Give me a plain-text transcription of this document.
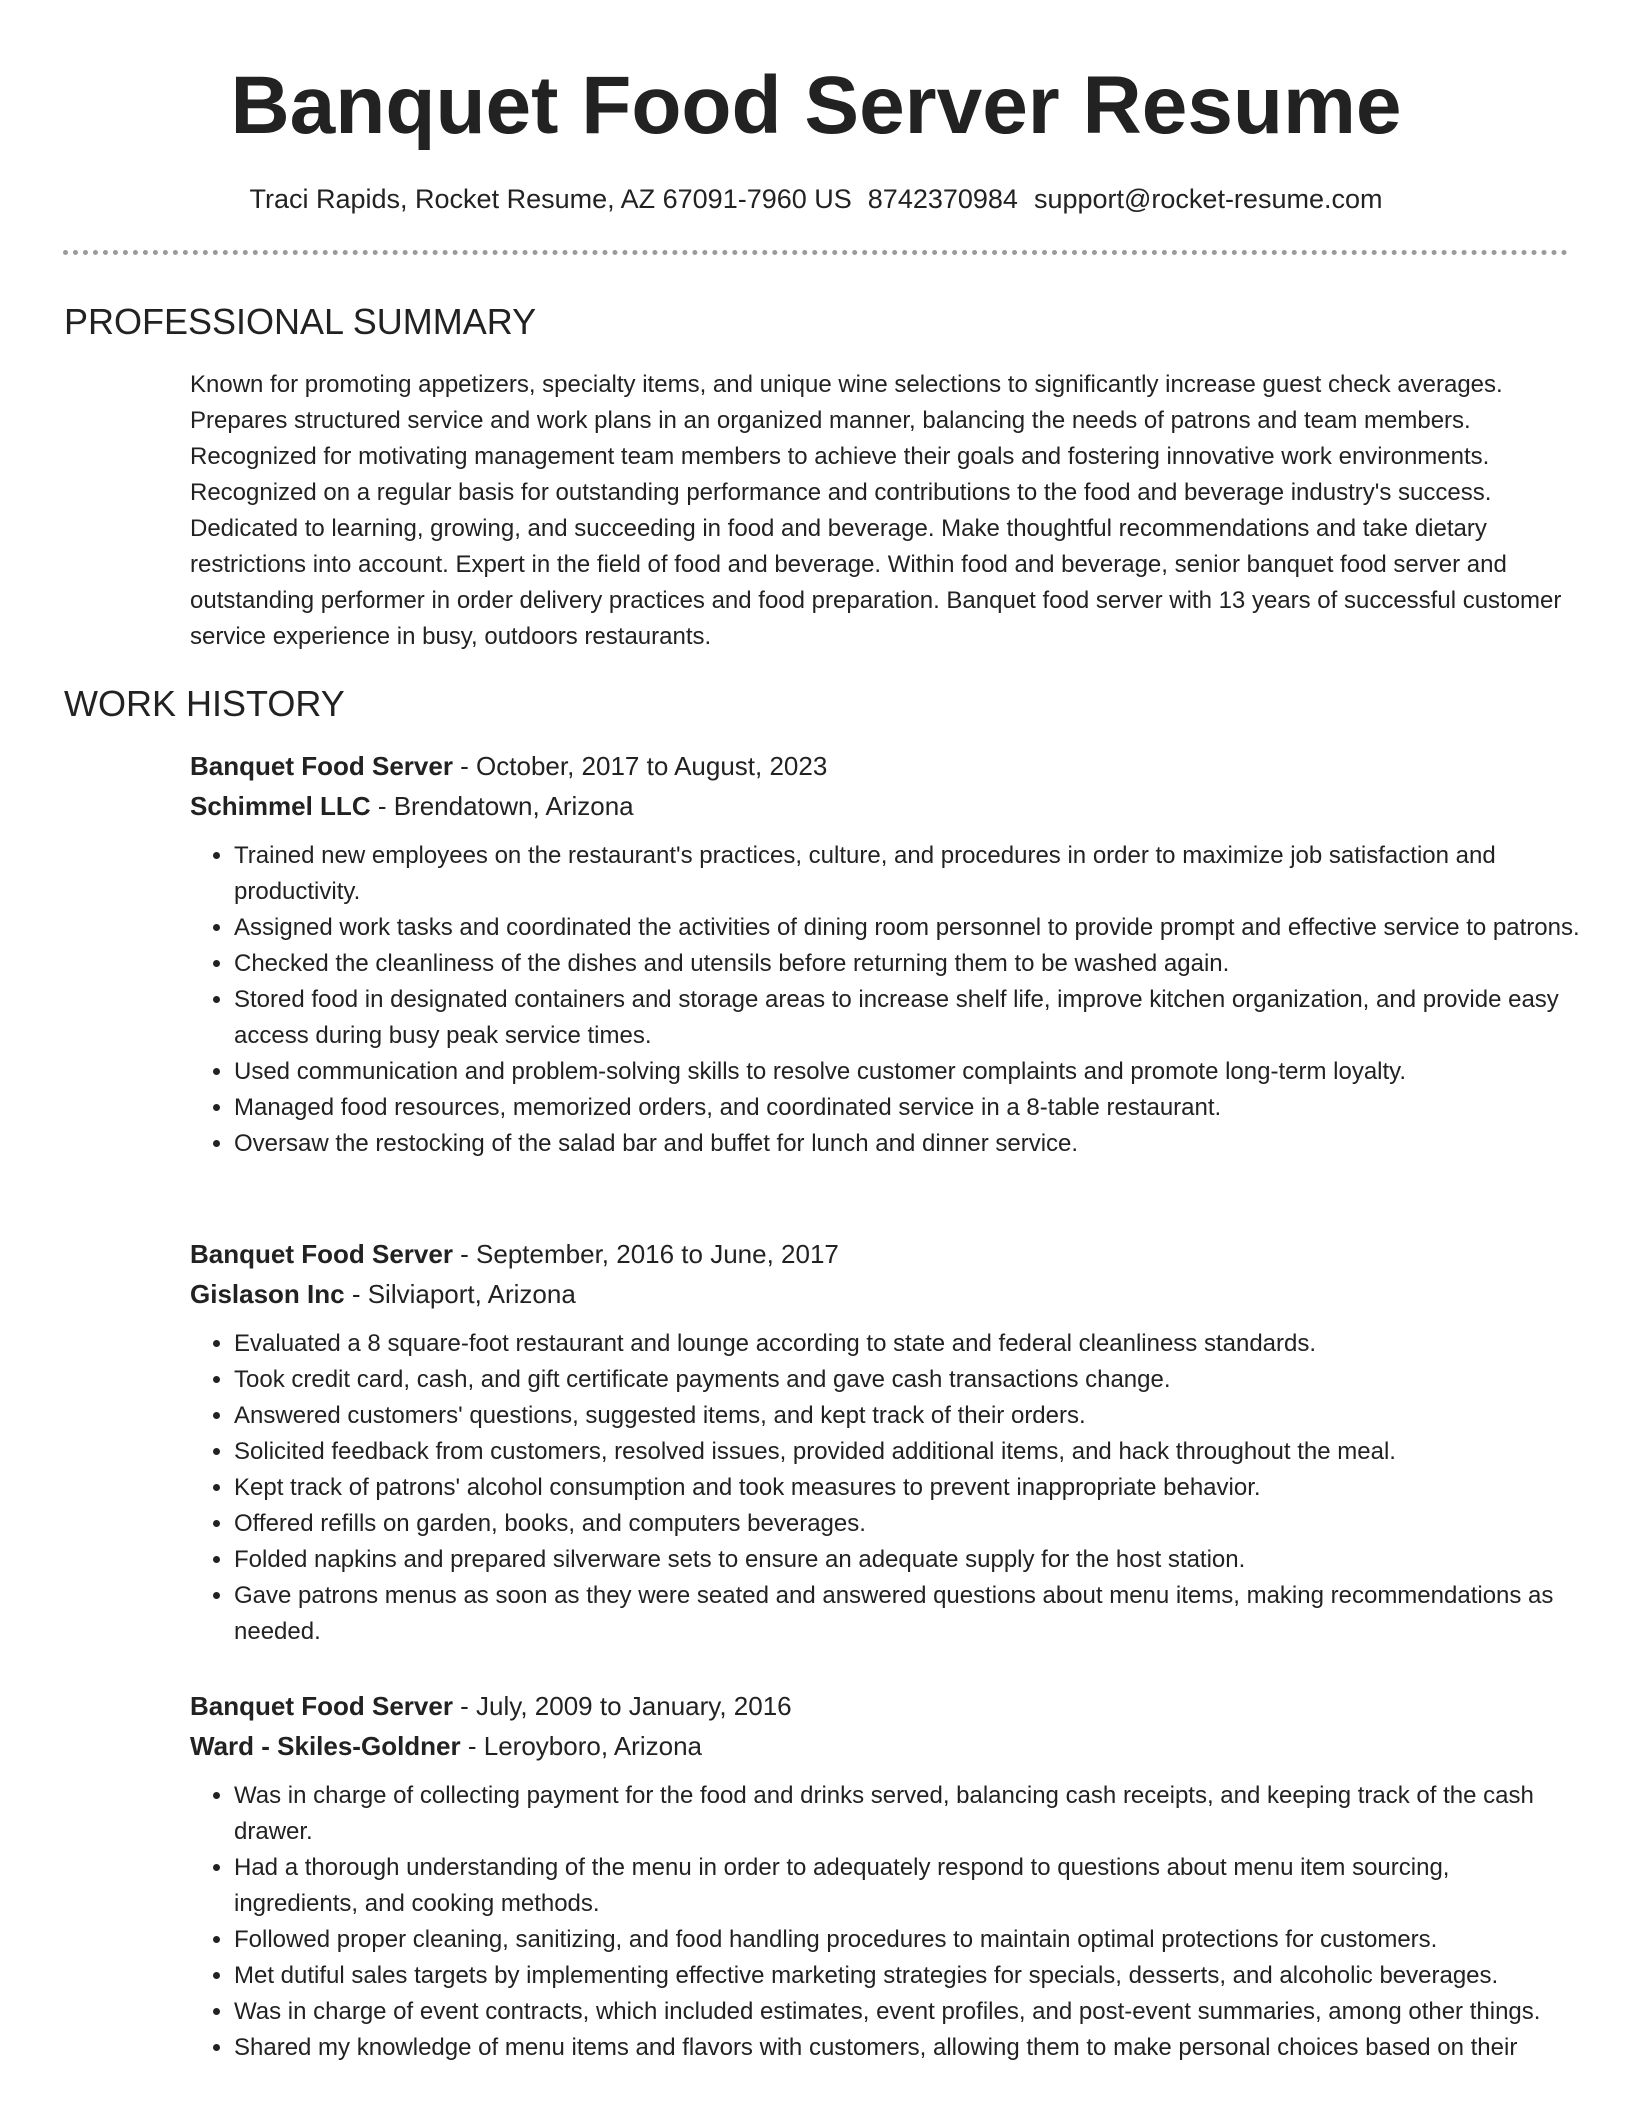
Banquet Food Server Resume
Traci Rapids, Rocket Resume, AZ 67091-7960 US 8742370984 support@rocket-resume.com
PROFESSIONAL SUMMARY

Known for promoting appetizers, specialty items, and unique wine selections to significantly increase guest check averages. Prepares structured service and work plans in an organized manner, balancing the needs of patrons and team members. Recognized for motivating management team members to achieve their goals and fostering innovative work environments. Recognized on a regular basis for outstanding performance and contributions to the food and beverage industry's success. Dedicated to learning, growing, and succeeding in food and beverage. Make thoughtful recommendations and take dietary restrictions into account. Expert in the field of food and beverage. Within food and beverage, senior banquet food server and outstanding performer in order delivery practices and food preparation. Banquet food server with 13 years of successful customer service experience in busy, outdoors restaurants.

WORK HISTORY
Banquet Food Server - October, 2017 to August, 2023
Schimmel LLC - Brendatown, Arizona
• Trained new employees on the restaurant's practices, culture, and procedures in order to maximize job satisfaction and productivity.
• Assigned work tasks and coordinated the activities of dining room personnel to provide prompt and effective service to patrons.
• Checked the cleanliness of the dishes and utensils before returning them to be washed again.
• Stored food in designated containers and storage areas to increase shelf life, improve kitchen organization, and provide easy access during busy peak service times.
• Used communication and problem-solving skills to resolve customer complaints and promote long-term loyalty.
• Managed food resources, memorized orders, and coordinated service in a 8-table restaurant.
• Oversaw the restocking of the salad bar and buffet for lunch and dinner service.
Banquet Food Server - September, 2016 to June, 2017
Gislason Inc - Silviaport, Arizona
• Evaluated a 8 square-foot restaurant and lounge according to state and federal cleanliness standards.
• Took credit card, cash, and gift certificate payments and gave cash transactions change.
• Answered customers' questions, suggested items, and kept track of their orders.
• Solicited feedback from customers, resolved issues, provided additional items, and hack throughout the meal.
• Kept track of patrons' alcohol consumption and took measures to prevent inappropriate behavior.
• Offered refills on garden, books, and computers beverages.
• Folded napkins and prepared silverware sets to ensure an adequate supply for the host station.
• Gave patrons menus as soon as they were seated and answered questions about menu items, making recommendations as needed.
Banquet Food Server - July, 2009 to January, 2016
Ward - Skiles-Goldner - Leroyboro, Arizona
• Was in charge of collecting payment for the food and drinks served, balancing cash receipts, and keeping track of the cash drawer.
• Had a thorough understanding of the menu in order to adequately respond to questions about menu item sourcing, ingredients, and cooking methods.
• Followed proper cleaning, sanitizing, and food handling procedures to maintain optimal protections for customers.
• Met dutiful sales targets by implementing effective marketing strategies for specials, desserts, and alcoholic beverages.
• Was in charge of event contracts, which included estimates, event profiles, and post-event summaries, among other things.
• Shared my knowledge of menu items and flavors with customers, allowing them to make personal choices based on their
